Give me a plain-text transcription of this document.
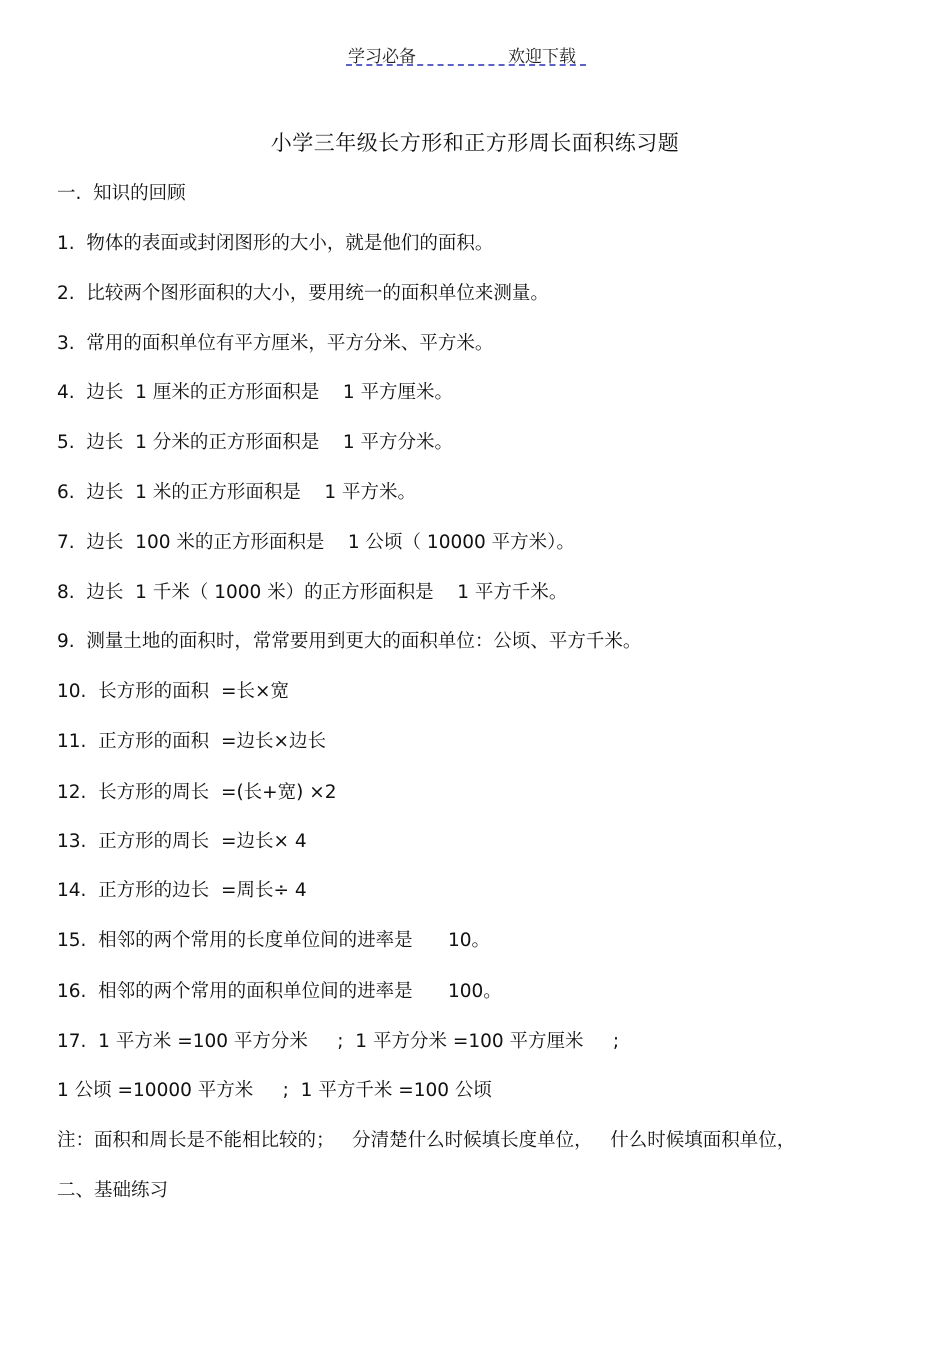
学习必备	欢迎下载
小学三年级长方形和正方形周长面积练习题
一.  知识的回顾
1.  物体的表面或封闭图形的大小，就是他们的面积。
2.  比较两个图形面积的大小，要用统一的面积单位来测量。
3.  常用的面积单位有平方厘米，平方分米、平方米。
4.  边长  1 厘米的正方形面积是    1 平方厘米。
5.  边长  1 分米的正方形面积是    1 平方分米。
6.  边长  1 米的正方形面积是    1 平方米。
7.  边长  100 米的正方形面积是    1 公顷（ 10000 平方米）。
8.  边长  1 千米（ 1000 米）的正方形面积是    1 平方千米。
9.  测量土地的面积时，常常要用到更大的面积单位：公顷、平方千米。
10.  长方形的面积  =长×宽
11.  正方形的面积  =边长×边长
12.  长方形的周长  =(长+宽) ×2
13.  正方形的周长  =边长× 4
14.  正方形的边长  =周长÷ 4
15.  相邻的两个常用的长度单位间的进率是      10。
16.  相邻的两个常用的面积单位间的进率是      100。
17.  1 平方米 =100 平方分米     ;  1 平方分米 =100 平方厘米     ;
1 公顷 =10000 平方米     ;  1 平方千米 =100 公顷
注：面积和周长是不能相比较的；   分清楚什么时候填长度单位，   什么时候填面积单位，
二、基础练习
